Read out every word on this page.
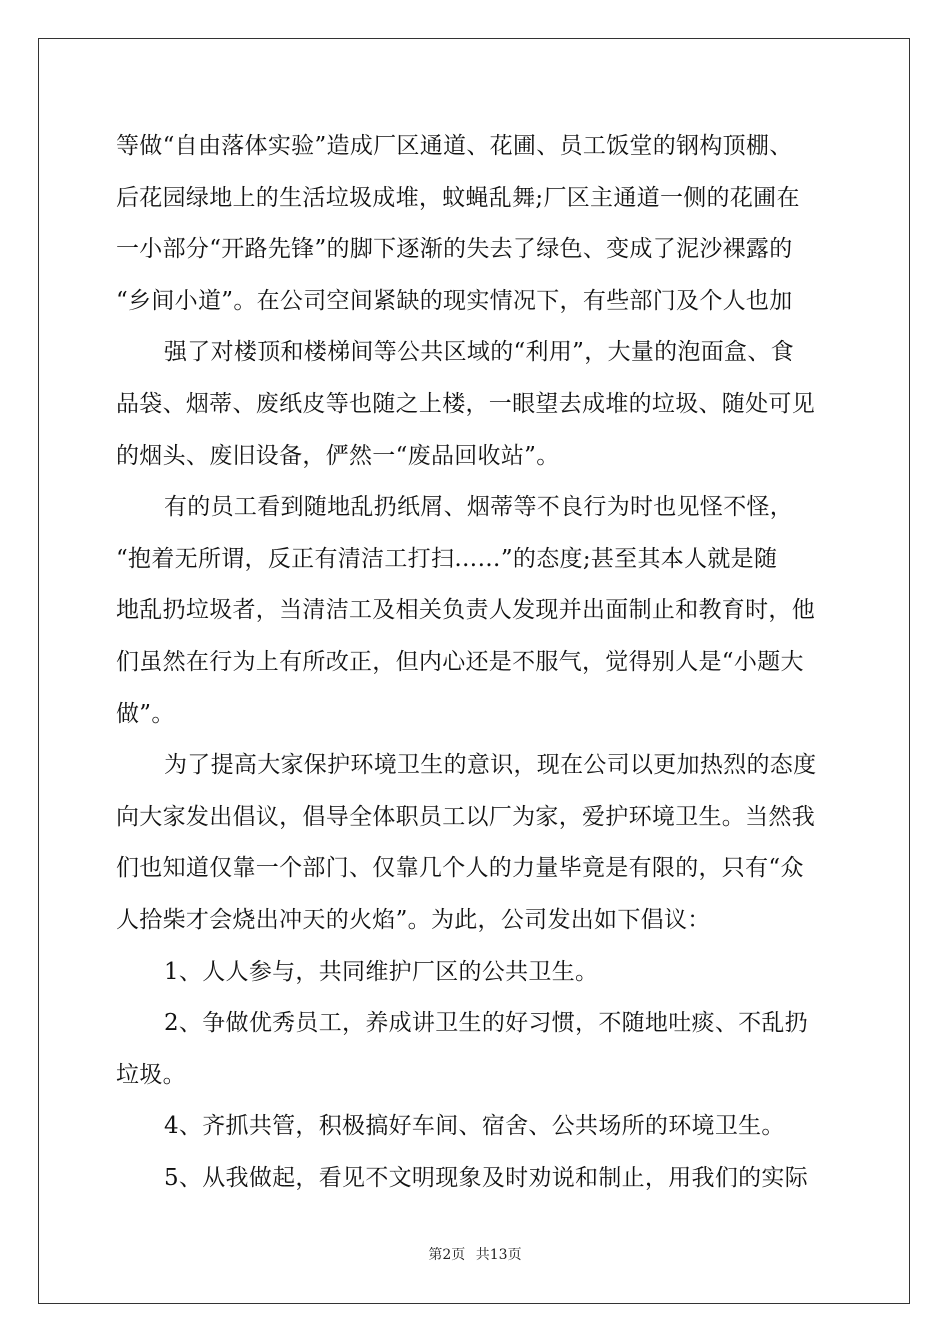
等做“自由落体实验”造成厂区通道、花圃、员工饭堂的钢构顶棚、
后花园绿地上的生活垃圾成堆，蚊蝇乱舞;厂区主通道一侧的花圃在
一小部分“开路先锋”的脚下逐渐的失去了绿色、变成了泥沙裸露的
“乡间小道”。在公司空间紧缺的现实情况下，有些部门及个人也加
强了对楼顶和楼梯间等公共区域的“利用”，大量的泡面盒、食
品袋、烟蒂、废纸皮等也随之上楼，一眼望去成堆的垃圾、随处可见
的烟头、废旧设备，俨然一“废品回收站”。
有的员工看到随地乱扔纸屑、烟蒂等不良行为时也见怪不怪，
“抱着无所谓，反正有清洁工打扫……”的态度;甚至其本人就是随
地乱扔垃圾者，当清洁工及相关负责人发现并出面制止和教育时，他
们虽然在行为上有所改正，但内心还是不服气，觉得别人是“小题大
做”。
为了提高大家保护环境卫生的意识，现在公司以更加热烈的态度
向大家发出倡议，倡导全体职员工以厂为家，爱护环境卫生。当然我
们也知道仅靠一个部门、仅靠几个人的力量毕竟是有限的，只有“众
人拾柴才会烧出冲天的火焰”。为此，公司发出如下倡议：
1、人人参与，共同维护厂区的公共卫生。
2、争做优秀员工，养成讲卫生的好习惯，不随地吐痰、不乱扔
垃圾。
4、齐抓共管，积极搞好车间、宿舍、公共场所的环境卫生。
5、从我做起，看见不文明现象及时劝说和制止，用我们的实际
第2页 共13页
